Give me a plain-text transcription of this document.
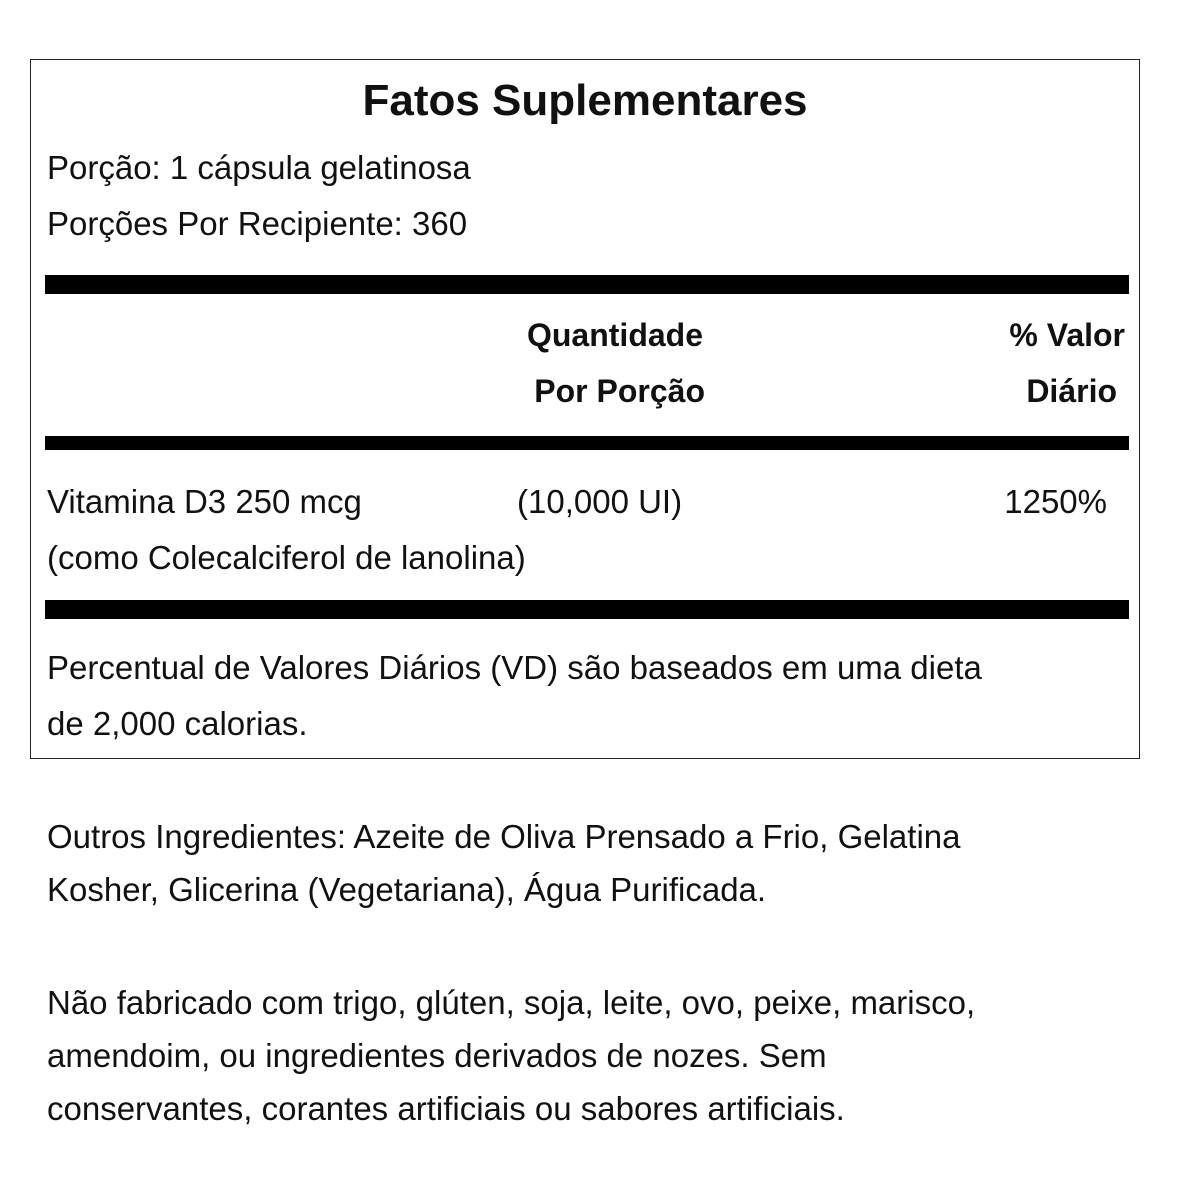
Fatos Suplementares
Porção: 1 cápsula gelatinosa
Porções Por Recipiente: 360
Quantidade
Por Porção
% Valor
Diário
Vitamina D3 250 mcg	(10,000 UI)	1250%
(como Colecalciferol de lanolina)
Percentual de Valores Diários (VD) são baseados em uma dieta
de 2,000 calorias.
Outros Ingredientes: Azeite de Oliva Prensado a Frio, Gelatina
Kosher, Glicerina (Vegetariana), Água Purificada.
Não fabricado com trigo, glúten, soja, leite, ovo, peixe, marisco,
amendoim, ou ingredientes derivados de nozes. Sem
conservantes, corantes artificiais ou sabores artificiais.
